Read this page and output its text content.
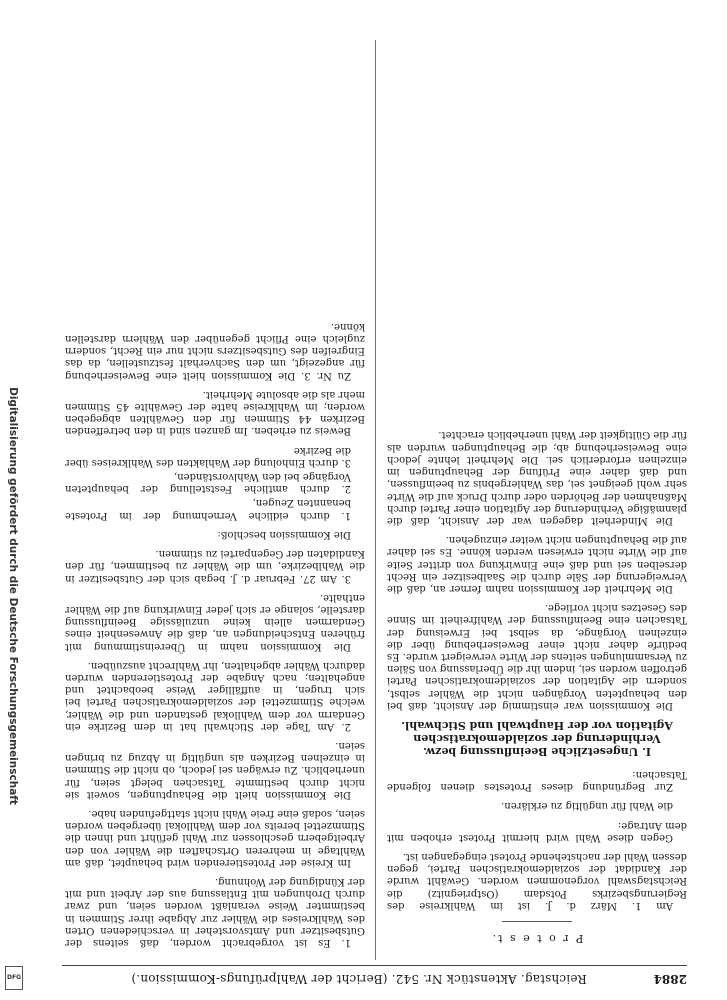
2884
Reichstag. Aktenstück Nr. 542. (Bericht der Wahlprüfungs-Kommission.)
P r o t e s t.

Am 1. März d. J. ist im Wahlkreise des Regierungsbezirks Potsdam (Ostpriegnitz) die Reichstagswahl vorgenommen worden. Gewählt wurde der Kandidat der sozialdemokratischen Partei, gegen dessen Wahl der nachstehende Protest eingegangen ist.

Gegen diese Wahl wird hiermit Protest erhoben mit dem Antrage:

die Wahl für ungültig zu erklären.

Zur Begründung dieses Protestes dienen folgende Tatsachen:

I. Ungesetzliche Beeinflussung bezw. Verhinderung der sozialdemokratischen Agitation vor der Hauptwahl und Stichwahl.

Die Kommission war einstimmig der Ansicht, daß bei den behaupteten Vorgängen nicht die Wähler selbst, sondern die Agitation der sozialdemokratischen Partei getroffen worden sei, indem ihr die Überlassung von Sälen zu Versammlungen seitens der Wirte verweigert wurde. Es bedürfe daher nicht einer Beweiserhebung über die einzelnen Vorgänge, da selbst bei Erweisung der Tatsachen eine Beeinflussung der Wahlfreiheit im Sinne des Gesetzes nicht vorliege.

Die Mehrheit der Kommission nahm ferner an, daß die Verweigerung der Säle durch die Saalbesitzer ein Recht derselben sei und daß eine Einwirkung von dritter Seite auf die Wirte nicht erwiesen werden könne. Es sei daher auf die Behauptungen nicht weiter einzugehen.

Die Minderheit dagegen war der Ansicht, daß die planmäßige Verhinderung der Agitation einer Partei durch Maßnahmen der Behörden oder durch Druck auf die Wirte sehr wohl geeignet sei, das Wahlergebnis zu beeinflussen, und daß daher eine Prüfung der Behauptungen im einzelnen erforderlich sei. Die Mehrheit lehnte jedoch eine Beweiserhebung ab; die Behauptungen wurden als für die Gültigkeit der Wahl unerheblich erachtet.

1. Es ist vorgebracht worden, daß seitens der Gutsbesitzer und Amtsvorsteher in verschiedenen Orten des Wahlkreises die Wähler zur Abgabe ihrer Stimmen in bestimmter Weise veranlaßt worden seien, und zwar durch Drohungen mit Entlassung aus der Arbeit und mit der Kündigung der Wohnung.

Im Kreise der Protestierenden wird behauptet, daß am Wahltage in mehreren Ortschaften die Wähler von den Arbeitgebern geschlossen zur Wahl geführt und ihnen die Stimmzettel bereits vor dem Wahllokal übergeben worden seien, sodaß eine freie Wahl nicht stattgefunden habe.

Die Kommission hielt die Behauptungen, soweit sie nicht durch bestimmte Tatsachen belegt seien, für unerheblich. Zu erwägen sei jedoch, ob nicht die Stimmen in einzelnen Bezirken als ungültig in Abzug zu bringen seien.

2. Am Tage der Stichwahl hat in dem Bezirke ein Gendarm vor dem Wahllokal gestanden und die Wähler, welche Stimmzettel der sozialdemokratischen Partei bei sich trugen, in auffälliger Weise beobachtet und angehalten; nach Angabe der Protestierenden wurden dadurch Wähler abgehalten, ihr Wahlrecht auszuüben.

Die Kommission nahm in Übereinstimmung mit früheren Entscheidungen an, daß die Anwesenheit eines Gendarmen allein keine unzulässige Beeinflussung darstelle, solange er sich jeder Einwirkung auf die Wähler enthalte.

3. Am 27. Februar d. J. begab sich der Gutsbesitzer in die Wahlbezirke, um die Wähler zu bestimmen, für den Kandidaten der Gegenpartei zu stimmen.

Die Kommission beschloß:

1. durch eidliche Vernehmung der im Proteste benannten Zeugen,
2. durch amtliche Feststellung der behaupteten Vorgänge bei den Wahlvorständen,
3. durch Einholung der Wahlakten des Wahlkreises über die Bezirke

Beweis zu erheben. Im ganzen sind in den betreffenden Bezirken 44 Stimmen für den Gewählten abgegeben worden; im Wahlkreise hatte der Gewählte 45 Stimmen mehr als die absolute Mehrheit.

Zu Nr. 3. Die Kommission hielt eine Beweiserhebung für angezeigt, um den Sachverhalt festzustellen, da das Eingreifen des Gutsbesitzers nicht nur ein Recht, sondern zugleich eine Pflicht gegenüber den Wählern darstellen könne.

Digitalisierung gefördert durch die Deutsche Forschungsgemeinschaft
DFG
